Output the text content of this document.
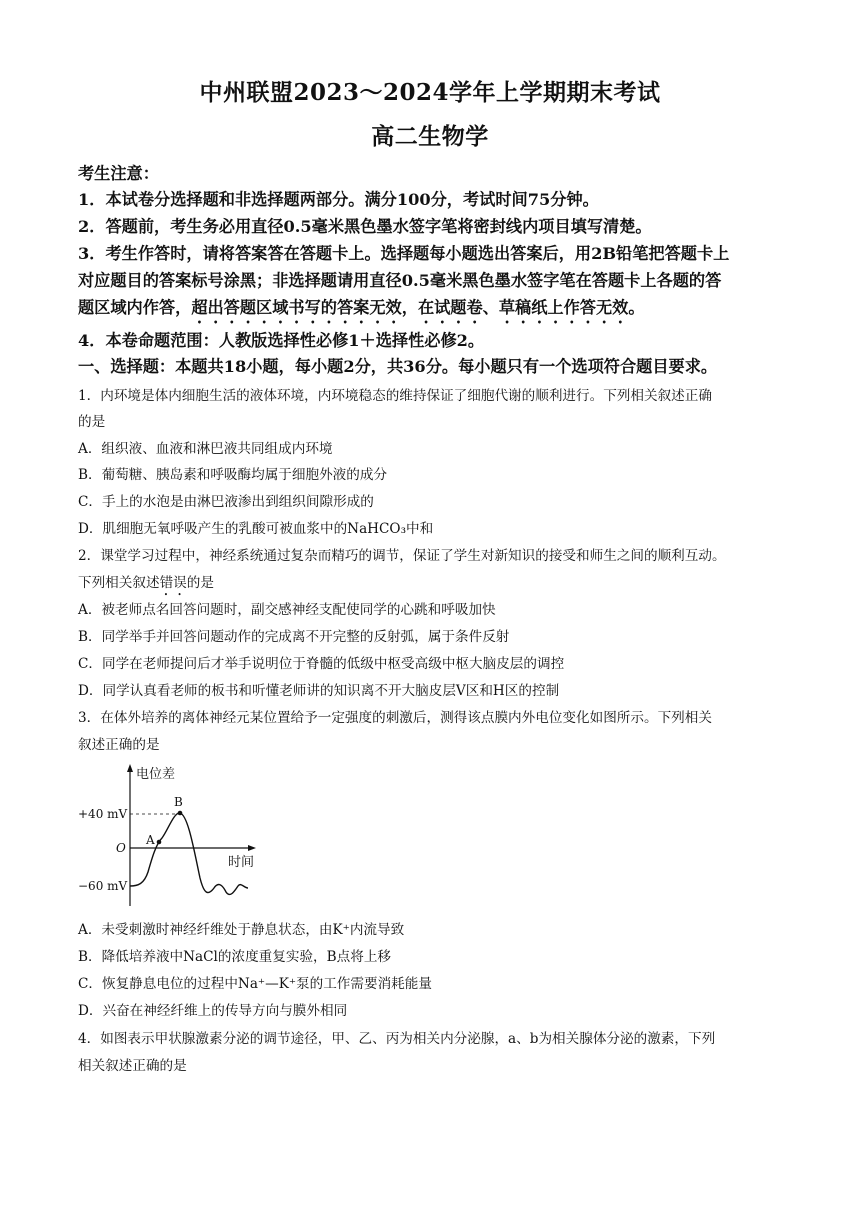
中州联盟2023～2024学年上学期期末考试
高二生物学
考生注意：
1．本试卷分选择题和非选择题两部分。满分100分，考试时间75分钟。
2．答题前，考生务必用直径0.5毫米黑色墨水签字笔将密封线内项目填写清楚。
3．考生作答时，请将答案答在答题卡上。选择题每小题选出答案后，用2B铅笔把答题卡上
对应题目的答案标号涂黑；非选择题请用直径0.5毫米黑色墨水签字笔在答题卡上各题的答
题区域内作答，超出答题区域书写的答案无效，在试题卷、草稿纸上作答无效。
4．本卷命题范围：人教版选择性必修1＋选择性必修2。
一、选择题：本题共18小题，每小题2分，共36分。每小题只有一个选项符合题目要求。
1．内环境是体内细胞生活的液体环境，内环境稳态的维持保证了细胞代谢的顺利进行。下列相关叙述正确
的是
A．组织液、血液和淋巴液共同组成内环境
B．葡萄糖、胰岛素和呼吸酶均属于细胞外液的成分
C．手上的水泡是由淋巴液渗出到组织间隙形成的
D．肌细胞无氧呼吸产生的乳酸可被血浆中的NaHCO₃中和
2．课堂学习过程中，神经系统通过复杂而精巧的调节，保证了学生对新知识的接受和师生之间的顺利互动。
下列相关叙述错误的是
A．被老师点名回答问题时，副交感神经支配使同学的心跳和呼吸加快
B．同学举手并回答问题动作的完成离不开完整的反射弧，属于条件反射
C．同学在老师提问后才举手说明位于脊髓的低级中枢受高级中枢大脑皮层的调控
D．同学认真看老师的板书和听懂老师讲的知识离不开大脑皮层V区和H区的控制
3．在体外培养的离体神经元某位置给予一定强度的刺激后，测得该点膜内外电位变化如图所示。下列相关
叙述正确的是
电位差
时间
+40 mV
O
−60 mV
A
B
A．未受刺激时神经纤维处于静息状态，由K⁺内流导致
B．降低培养液中NaCl的浓度重复实验，B点将上移
C．恢复静息电位的过程中Na⁺—K⁺泵的工作需要消耗能量
D．兴奋在神经纤维上的传导方向与膜外相同
4．如图表示甲状腺激素分泌的调节途径，甲、乙、丙为相关内分泌腺，a、b为相关腺体分泌的激素，下列
相关叙述正确的是
